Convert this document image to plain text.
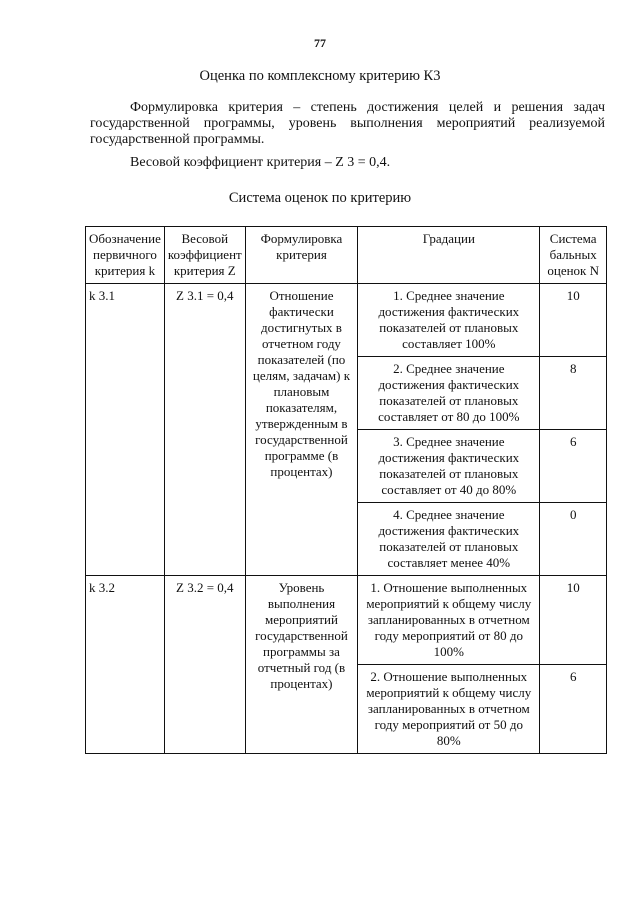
77
Оценка по комплексному критерию К3

Формулировка критерия – степень достижения целей и решения задач государственной программы, уровень выполнения мероприятий реализуемой государственной программы.

Весовой коэффициент критерия – Z 3 = 0,4.
Система оценок по критерию
Обозначение первичного критерия k	Весовой коэффициент критерия Z	Формулировка критерия	Градации	Система бальных оценок N
k 3.1	Z 3.1 = 0,4	Отношение фактически достигнутых в отчетном году показателей (по целям, задачам) к плановым показателям, утвержденным в государственной программе (в процентах)	1. Среднее значение достижения фактических показателей от плановых составляет 100%	10
			2. Среднее значение достижения фактических показателей от плановых составляет от 80 до 100%	8
			3. Среднее значение достижения фактических показателей от плановых составляет от 40 до 80%	6
			4. Среднее значение достижения фактических показателей от плановых составляет менее 40%	0
k 3.2	Z 3.2 = 0,4	Уровень выполнения мероприятий государственной программы за отчетный год (в процентах)	1. Отношение выполненных мероприятий к общему числу запланированных в отчетном году мероприятий от 80 до 100%	10
			2. Отношение выполненных мероприятий к общему числу запланированных в отчетном году мероприятий от 50 до 80%	6
